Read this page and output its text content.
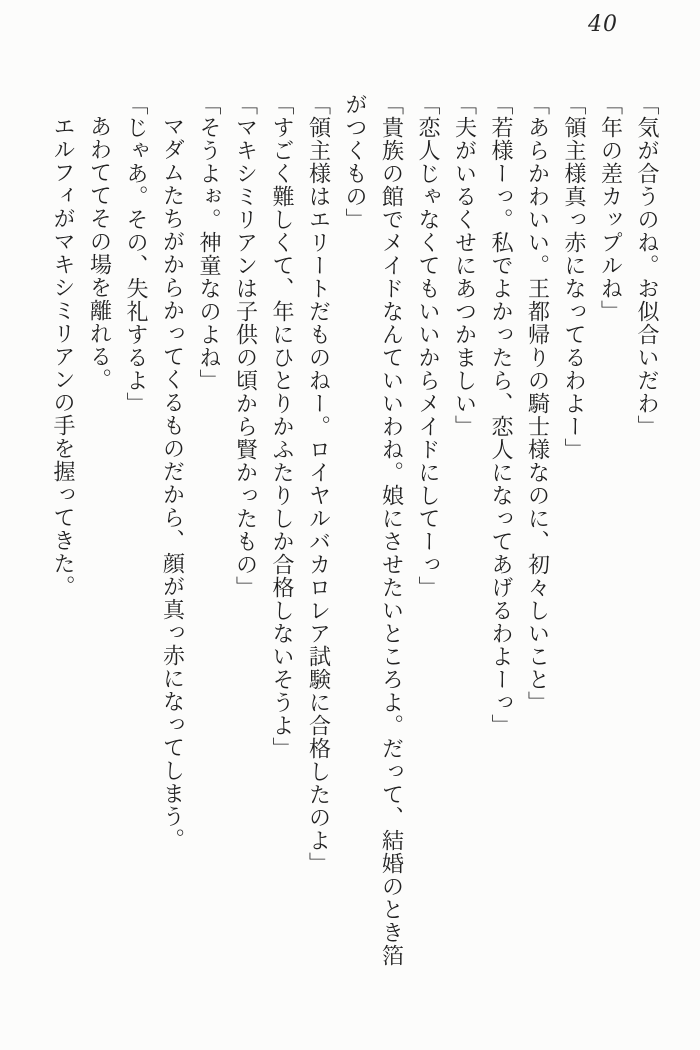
40

「気が合うのね。お似合いだわ」

「年の差カップルね」

「領主様真っ赤になってるわよー」

「あらかわいい。王都帰りの騎士様なのに、初々しいこと」

「若様ーっ。私でよかったら、恋人になってあげるわよーっ」

「夫がいるくせにあつかましい」

「恋人じゃなくてもいいからメイドにしてーっ」

「貴族の館でメイドなんていいわね。娘にさせたいところよ。だって、結婚のとき箔がつくもの」

「領主様はエリートだものねー。ロイヤルバカロレア試験に合格したのよ」

「すごく難しくて、年にひとりかふたりしか合格しないそうよ」

「マキシミリアンは子供の頃から賢かったもの」

「そうよぉ。神童なのよね」

マダムたちがからかってくるものだから、顔が真っ赤になってしまう。

「じゃあ。その、失礼するよ」

あわててその場を離れる。

エルフィがマキシミリアンの手を握ってきた。
